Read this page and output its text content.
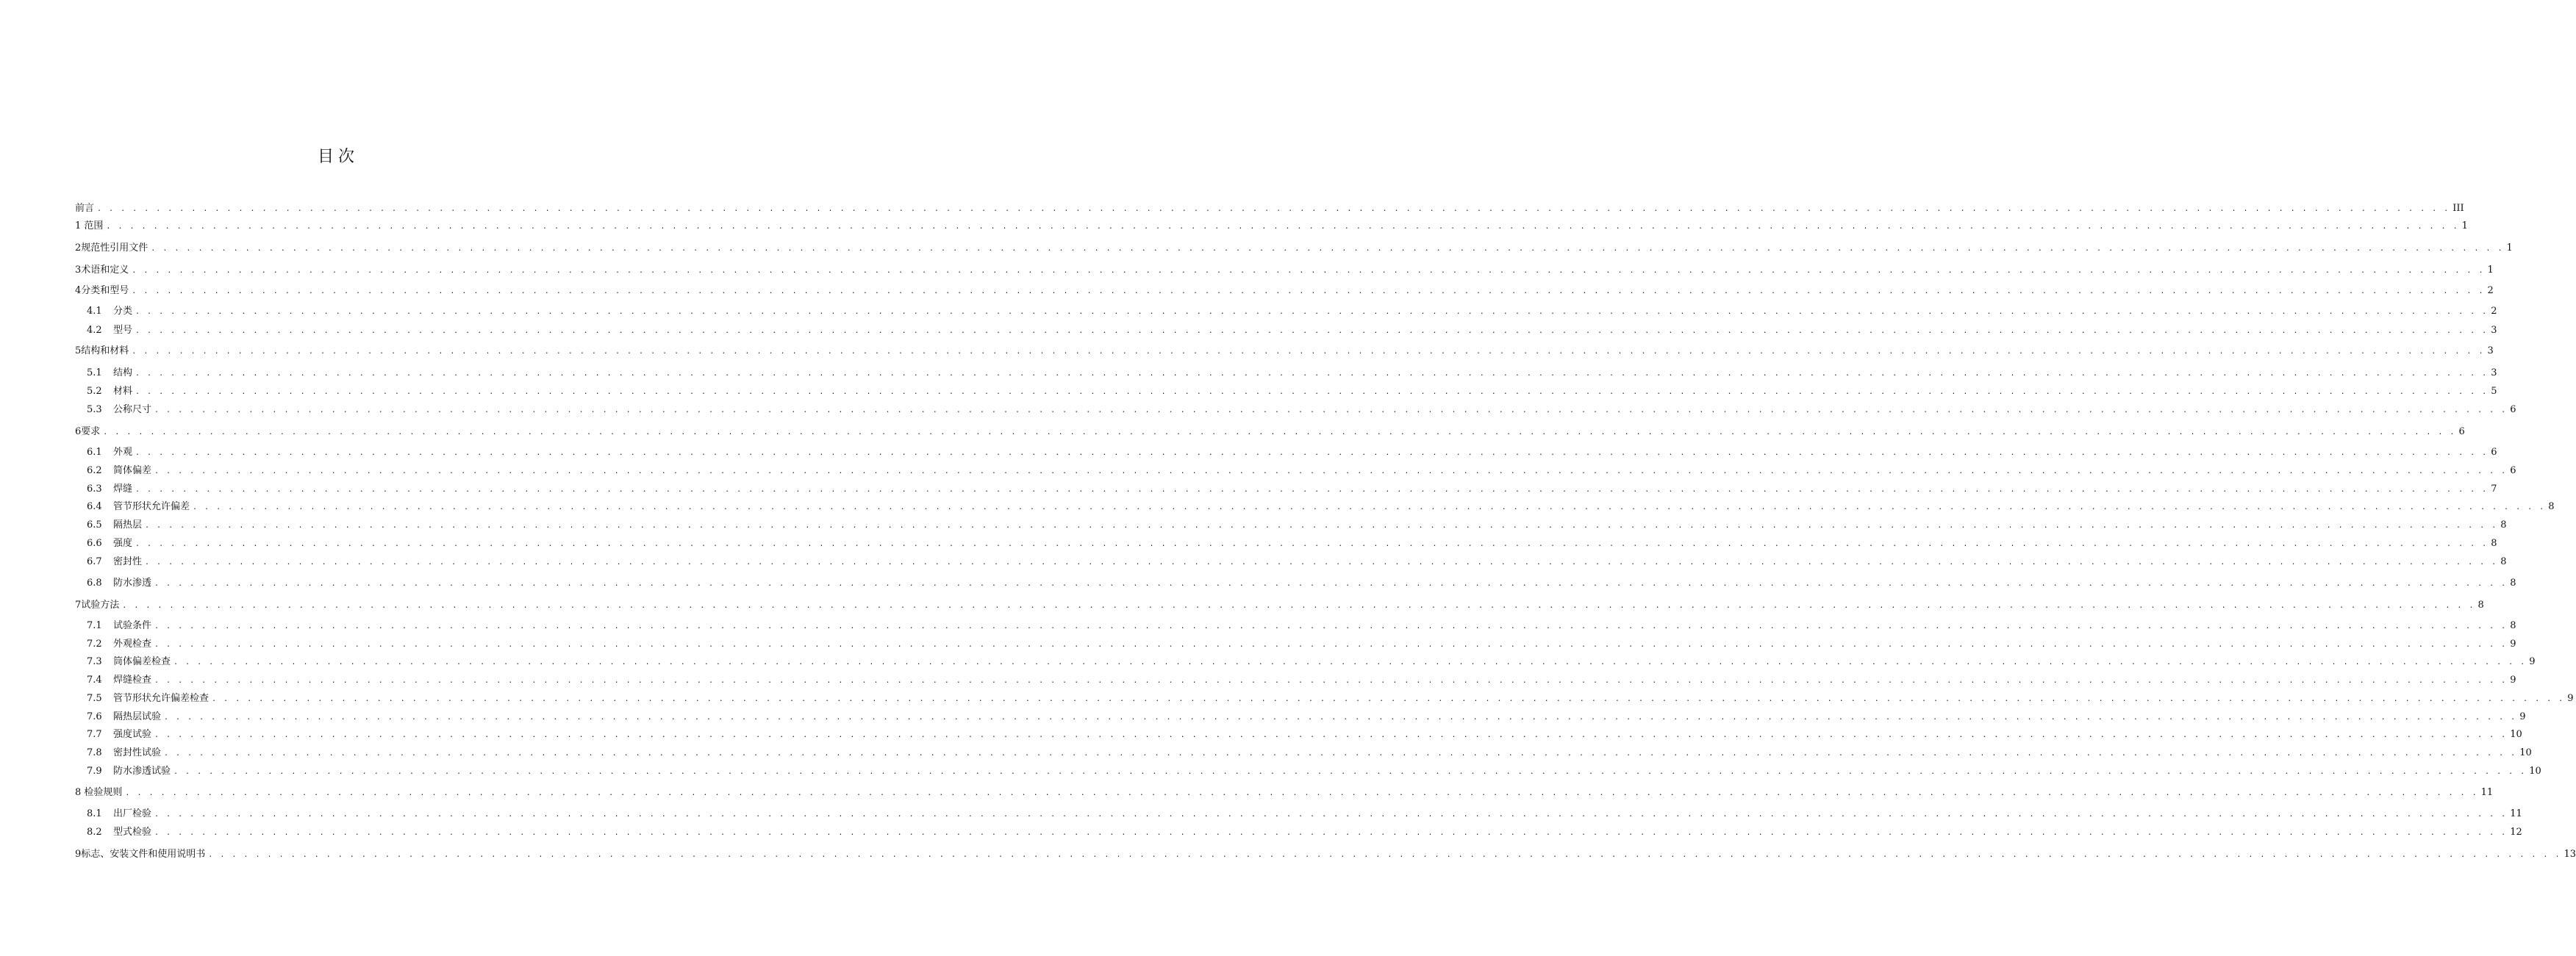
目次
前言 . . . . . . . . . . . . . . . . . . . . . . . . . . . . . . . . . . . . . . . . . . . . . . . . . . . . . . . . . . . . . . . . . . . . . . . . . . . . . . . . . . . . . . . . . . . . . . . . . . . . . . . . . . . . . . . . . . . . . . . . . . . . . . . . . . . . . . . . . . . . . . . . . . . . . . . . . . . . . . . . . . . . . . . . . . . . . . . . . . . . . . . . . . . . . . . . . . . . . . . . III
1 范围 . . . . . . . . . . . . . . . . . . . . . . . . . . . . . . . . . . . . . . . . . . . . . . . . . . . . . . . . . . . . . . . . . . . . . . . . . . . . . . . . . . . . . . . . . . . . . . . . . . . . . . . . . . . . . . . . . . . . . . . . . . . . . . . . . . . . . . . . . . . . . . . . . . . . . . . . . . . . . . . . . . . . . . . . . . . . . . . . . . . . . . . . . . . . . . . . . . . . . . . . 1
2规范性引用文件 . . . . . . . . . . . . . . . . . . . . . . . . . . . . . . . . . . . . . . . . . . . . . . . . . . . . . . . . . . . . . . . . . . . . . . . . . . . . . . . . . . . . . . . . . . . . . . . . . . . . . . . . . . . . . . . . . . . . . . . . . . . . . . . . . . . . . . . . . . . . . . . . . . . . . . . . . . . . . . . . . . . . . . . . . . . . . . . . . . . . . . . . . . . . . . . . . . . . . . . . 1
3术语和定义 . . . . . . . . . . . . . . . . . . . . . . . . . . . . . . . . . . . . . . . . . . . . . . . . . . . . . . . . . . . . . . . . . . . . . . . . . . . . . . . . . . . . . . . . . . . . . . . . . . . . . . . . . . . . . . . . . . . . . . . . . . . . . . . . . . . . . . . . . . . . . . . . . . . . . . . . . . . . . . . . . . . . . . . . . . . . . . . . . . . . . . . . . . . . . . . . . . . . . . . . 1
4分类和型号 . . . . . . . . . . . . . . . . . . . . . . . . . . . . . . . . . . . . . . . . . . . . . . . . . . . . . . . . . . . . . . . . . . . . . . . . . . . . . . . . . . . . . . . . . . . . . . . . . . . . . . . . . . . . . . . . . . . . . . . . . . . . . . . . . . . . . . . . . . . . . . . . . . . . . . . . . . . . . . . . . . . . . . . . . . . . . . . . . . . . . . . . . . . . . . . . . . . . . . . . 2
4.1	分类 . . . . . . . . . . . . . . . . . . . . . . . . . . . . . . . . . . . . . . . . . . . . . . . . . . . . . . . . . . . . . . . . . . . . . . . . . . . . . . . . . . . . . . . . . . . . . . . . . . . . . . . . . . . . . . . . . . . . . . . . . . . . . . . . . . . . . . . . . . . . . . . . . . . . . . . . . . . . . . . . . . . . . . . . . . . . . . . . . . . . . . . . . . . . . . . . . . . . . . . . 2
4.2	型号 . . . . . . . . . . . . . . . . . . . . . . . . . . . . . . . . . . . . . . . . . . . . . . . . . . . . . . . . . . . . . . . . . . . . . . . . . . . . . . . . . . . . . . . . . . . . . . . . . . . . . . . . . . . . . . . . . . . . . . . . . . . . . . . . . . . . . . . . . . . . . . . . . . . . . . . . . . . . . . . . . . . . . . . . . . . . . . . . . . . . . . . . . . . . . . . . . . . . . . . . 3
5结构和材料 . . . . . . . . . . . . . . . . . . . . . . . . . . . . . . . . . . . . . . . . . . . . . . . . . . . . . . . . . . . . . . . . . . . . . . . . . . . . . . . . . . . . . . . . . . . . . . . . . . . . . . . . . . . . . . . . . . . . . . . . . . . . . . . . . . . . . . . . . . . . . . . . . . . . . . . . . . . . . . . . . . . . . . . . . . . . . . . . . . . . . . . . . . . . . . . . . . . . . . . . 3
5.1	结构 . . . . . . . . . . . . . . . . . . . . . . . . . . . . . . . . . . . . . . . . . . . . . . . . . . . . . . . . . . . . . . . . . . . . . . . . . . . . . . . . . . . . . . . . . . . . . . . . . . . . . . . . . . . . . . . . . . . . . . . . . . . . . . . . . . . . . . . . . . . . . . . . . . . . . . . . . . . . . . . . . . . . . . . . . . . . . . . . . . . . . . . . . . . . . . . . . . . . . . . . 3
5.2	材料 . . . . . . . . . . . . . . . . . . . . . . . . . . . . . . . . . . . . . . . . . . . . . . . . . . . . . . . . . . . . . . . . . . . . . . . . . . . . . . . . . . . . . . . . . . . . . . . . . . . . . . . . . . . . . . . . . . . . . . . . . . . . . . . . . . . . . . . . . . . . . . . . . . . . . . . . . . . . . . . . . . . . . . . . . . . . . . . . . . . . . . . . . . . . . . . . . . . . . . . . 5
5.3	公称尺寸 . . . . . . . . . . . . . . . . . . . . . . . . . . . . . . . . . . . . . . . . . . . . . . . . . . . . . . . . . . . . . . . . . . . . . . . . . . . . . . . . . . . . . . . . . . . . . . . . . . . . . . . . . . . . . . . . . . . . . . . . . . . . . . . . . . . . . . . . . . . . . . . . . . . . . . . . . . . . . . . . . . . . . . . . . . . . . . . . . . . . . . . . . . . . . . . . . . . . . . . . 6
6要求 . . . . . . . . . . . . . . . . . . . . . . . . . . . . . . . . . . . . . . . . . . . . . . . . . . . . . . . . . . . . . . . . . . . . . . . . . . . . . . . . . . . . . . . . . . . . . . . . . . . . . . . . . . . . . . . . . . . . . . . . . . . . . . . . . . . . . . . . . . . . . . . . . . . . . . . . . . . . . . . . . . . . . . . . . . . . . . . . . . . . . . . . . . . . . . . . . . . . . . . . 6
6.1	外观 . . . . . . . . . . . . . . . . . . . . . . . . . . . . . . . . . . . . . . . . . . . . . . . . . . . . . . . . . . . . . . . . . . . . . . . . . . . . . . . . . . . . . . . . . . . . . . . . . . . . . . . . . . . . . . . . . . . . . . . . . . . . . . . . . . . . . . . . . . . . . . . . . . . . . . . . . . . . . . . . . . . . . . . . . . . . . . . . . . . . . . . . . . . . . . . . . . . . . . . . 6
6.2	简体偏差 . . . . . . . . . . . . . . . . . . . . . . . . . . . . . . . . . . . . . . . . . . . . . . . . . . . . . . . . . . . . . . . . . . . . . . . . . . . . . . . . . . . . . . . . . . . . . . . . . . . . . . . . . . . . . . . . . . . . . . . . . . . . . . . . . . . . . . . . . . . . . . . . . . . . . . . . . . . . . . . . . . . . . . . . . . . . . . . . . . . . . . . . . . . . . . . . . . . . . . . . 6
6.3	焊缝 . . . . . . . . . . . . . . . . . . . . . . . . . . . . . . . . . . . . . . . . . . . . . . . . . . . . . . . . . . . . . . . . . . . . . . . . . . . . . . . . . . . . . . . . . . . . . . . . . . . . . . . . . . . . . . . . . . . . . . . . . . . . . . . . . . . . . . . . . . . . . . . . . . . . . . . . . . . . . . . . . . . . . . . . . . . . . . . . . . . . . . . . . . . . . . . . . . . . . . . . 7
6.4	管节形状允许偏差 . . . . . . . . . . . . . . . . . . . . . . . . . . . . . . . . . . . . . . . . . . . . . . . . . . . . . . . . . . . . . . . . . . . . . . . . . . . . . . . . . . . . . . . . . . . . . . . . . . . . . . . . . . . . . . . . . . . . . . . . . . . . . . . . . . . . . . . . . . . . . . . . . . . . . . . . . . . . . . . . . . . . . . . . . . . . . . . . . . . . . . . . . . . . . . . . . . . . . . . . 8
6.5	隔热层 . . . . . . . . . . . . . . . . . . . . . . . . . . . . . . . . . . . . . . . . . . . . . . . . . . . . . . . . . . . . . . . . . . . . . . . . . . . . . . . . . . . . . . . . . . . . . . . . . . . . . . . . . . . . . . . . . . . . . . . . . . . . . . . . . . . . . . . . . . . . . . . . . . . . . . . . . . . . . . . . . . . . . . . . . . . . . . . . . . . . . . . . . . . . . . . . . . . . . . . . 8
6.6	强度 . . . . . . . . . . . . . . . . . . . . . . . . . . . . . . . . . . . . . . . . . . . . . . . . . . . . . . . . . . . . . . . . . . . . . . . . . . . . . . . . . . . . . . . . . . . . . . . . . . . . . . . . . . . . . . . . . . . . . . . . . . . . . . . . . . . . . . . . . . . . . . . . . . . . . . . . . . . . . . . . . . . . . . . . . . . . . . . . . . . . . . . . . . . . . . . . . . . . . . . . 8
6.7	密封性 . . . . . . . . . . . . . . . . . . . . . . . . . . . . . . . . . . . . . . . . . . . . . . . . . . . . . . . . . . . . . . . . . . . . . . . . . . . . . . . . . . . . . . . . . . . . . . . . . . . . . . . . . . . . . . . . . . . . . . . . . . . . . . . . . . . . . . . . . . . . . . . . . . . . . . . . . . . . . . . . . . . . . . . . . . . . . . . . . . . . . . . . . . . . . . . . . . . . . . . . 8
6.8	防水渗透 . . . . . . . . . . . . . . . . . . . . . . . . . . . . . . . . . . . . . . . . . . . . . . . . . . . . . . . . . . . . . . . . . . . . . . . . . . . . . . . . . . . . . . . . . . . . . . . . . . . . . . . . . . . . . . . . . . . . . . . . . . . . . . . . . . . . . . . . . . . . . . . . . . . . . . . . . . . . . . . . . . . . . . . . . . . . . . . . . . . . . . . . . . . . . . . . . . . . . . . . 8
7试验方法 . . . . . . . . . . . . . . . . . . . . . . . . . . . . . . . . . . . . . . . . . . . . . . . . . . . . . . . . . . . . . . . . . . . . . . . . . . . . . . . . . . . . . . . . . . . . . . . . . . . . . . . . . . . . . . . . . . . . . . . . . . . . . . . . . . . . . . . . . . . . . . . . . . . . . . . . . . . . . . . . . . . . . . . . . . . . . . . . . . . . . . . . . . . . . . . . . . . . . . . . 8
7.1	试验条件 . . . . . . . . . . . . . . . . . . . . . . . . . . . . . . . . . . . . . . . . . . . . . . . . . . . . . . . . . . . . . . . . . . . . . . . . . . . . . . . . . . . . . . . . . . . . . . . . . . . . . . . . . . . . . . . . . . . . . . . . . . . . . . . . . . . . . . . . . . . . . . . . . . . . . . . . . . . . . . . . . . . . . . . . . . . . . . . . . . . . . . . . . . . . . . . . . . . . . . . . 8
7.2	外观检查 . . . . . . . . . . . . . . . . . . . . . . . . . . . . . . . . . . . . . . . . . . . . . . . . . . . . . . . . . . . . . . . . . . . . . . . . . . . . . . . . . . . . . . . . . . . . . . . . . . . . . . . . . . . . . . . . . . . . . . . . . . . . . . . . . . . . . . . . . . . . . . . . . . . . . . . . . . . . . . . . . . . . . . . . . . . . . . . . . . . . . . . . . . . . . . . . . . . . . . . . 9
7.3	筒体偏差检查 . . . . . . . . . . . . . . . . . . . . . . . . . . . . . . . . . . . . . . . . . . . . . . . . . . . . . . . . . . . . . . . . . . . . . . . . . . . . . . . . . . . . . . . . . . . . . . . . . . . . . . . . . . . . . . . . . . . . . . . . . . . . . . . . . . . . . . . . . . . . . . . . . . . . . . . . . . . . . . . . . . . . . . . . . . . . . . . . . . . . . . . . . . . . . . . . . . . . . . . . 9
7.4	焊缝检查 . . . . . . . . . . . . . . . . . . . . . . . . . . . . . . . . . . . . . . . . . . . . . . . . . . . . . . . . . . . . . . . . . . . . . . . . . . . . . . . . . . . . . . . . . . . . . . . . . . . . . . . . . . . . . . . . . . . . . . . . . . . . . . . . . . . . . . . . . . . . . . . . . . . . . . . . . . . . . . . . . . . . . . . . . . . . . . . . . . . . . . . . . . . . . . . . . . . . . . . . 9
7.5	管节形状允许偏差检查 . . . . . . . . . . . . . . . . . . . . . . . . . . . . . . . . . . . . . . . . . . . . . . . . . . . . . . . . . . . . . . . . . . . . . . . . . . . . . . . . . . . . . . . . . . . . . . . . . . . . . . . . . . . . . . . . . . . . . . . . . . . . . . . . . . . . . . . . . . . . . . . . . . . . . . . . . . . . . . . . . . . . . . . . . . . . . . . . . . . . . . . . . . . . . . . . . . . . . . . . 9
7.6	隔热层试验 . . . . . . . . . . . . . . . . . . . . . . . . . . . . . . . . . . . . . . . . . . . . . . . . . . . . . . . . . . . . . . . . . . . . . . . . . . . . . . . . . . . . . . . . . . . . . . . . . . . . . . . . . . . . . . . . . . . . . . . . . . . . . . . . . . . . . . . . . . . . . . . . . . . . . . . . . . . . . . . . . . . . . . . . . . . . . . . . . . . . . . . . . . . . . . . . . . . . . . . . 9
7.7	强度试验 . . . . . . . . . . . . . . . . . . . . . . . . . . . . . . . . . . . . . . . . . . . . . . . . . . . . . . . . . . . . . . . . . . . . . . . . . . . . . . . . . . . . . . . . . . . . . . . . . . . . . . . . . . . . . . . . . . . . . . . . . . . . . . . . . . . . . . . . . . . . . . . . . . . . . . . . . . . . . . . . . . . . . . . . . . . . . . . . . . . . . . . . . . . . . . . . . . . . . . . . 10
7.8	密封性试验 . . . . . . . . . . . . . . . . . . . . . . . . . . . . . . . . . . . . . . . . . . . . . . . . . . . . . . . . . . . . . . . . . . . . . . . . . . . . . . . . . . . . . . . . . . . . . . . . . . . . . . . . . . . . . . . . . . . . . . . . . . . . . . . . . . . . . . . . . . . . . . . . . . . . . . . . . . . . . . . . . . . . . . . . . . . . . . . . . . . . . . . . . . . . . . . . . . . . . . . . 10
7.9	防水渗透试验 . . . . . . . . . . . . . . . . . . . . . . . . . . . . . . . . . . . . . . . . . . . . . . . . . . . . . . . . . . . . . . . . . . . . . . . . . . . . . . . . . . . . . . . . . . . . . . . . . . . . . . . . . . . . . . . . . . . . . . . . . . . . . . . . . . . . . . . . . . . . . . . . . . . . . . . . . . . . . . . . . . . . . . . . . . . . . . . . . . . . . . . . . . . . . . . . . . . . . . . . 10
8 检验规则 . . . . . . . . . . . . . . . . . . . . . . . . . . . . . . . . . . . . . . . . . . . . . . . . . . . . . . . . . . . . . . . . . . . . . . . . . . . . . . . . . . . . . . . . . . . . . . . . . . . . . . . . . . . . . . . . . . . . . . . . . . . . . . . . . . . . . . . . . . . . . . . . . . . . . . . . . . . . . . . . . . . . . . . . . . . . . . . . . . . . . . . . . . . . . . . . . . . . . . . . 11
8.1	出厂检验 . . . . . . . . . . . . . . . . . . . . . . . . . . . . . . . . . . . . . . . . . . . . . . . . . . . . . . . . . . . . . . . . . . . . . . . . . . . . . . . . . . . . . . . . . . . . . . . . . . . . . . . . . . . . . . . . . . . . . . . . . . . . . . . . . . . . . . . . . . . . . . . . . . . . . . . . . . . . . . . . . . . . . . . . . . . . . . . . . . . . . . . . . . . . . . . . . . . . . . . . 11
8.2	型式检验 . . . . . . . . . . . . . . . . . . . . . . . . . . . . . . . . . . . . . . . . . . . . . . . . . . . . . . . . . . . . . . . . . . . . . . . . . . . . . . . . . . . . . . . . . . . . . . . . . . . . . . . . . . . . . . . . . . . . . . . . . . . . . . . . . . . . . . . . . . . . . . . . . . . . . . . . . . . . . . . . . . . . . . . . . . . . . . . . . . . . . . . . . . . . . . . . . . . . . . . . 12
9标志、安装文件和使用说明书 . . . . . . . . . . . . . . . . . . . . . . . . . . . . . . . . . . . . . . . . . . . . . . . . . . . . . . . . . . . . . . . . . . . . . . . . . . . . . . . . . . . . . . . . . . . . . . . . . . . . . . . . . . . . . . . . . . . . . . . . . . . . . . . . . . . . . . . . . . . . . . . . . . . . . . . . . . . . . . . . . . . . . . . . . . . . . . . . . . . . . . . . . . . . . . . . . . . . . . . . 13
